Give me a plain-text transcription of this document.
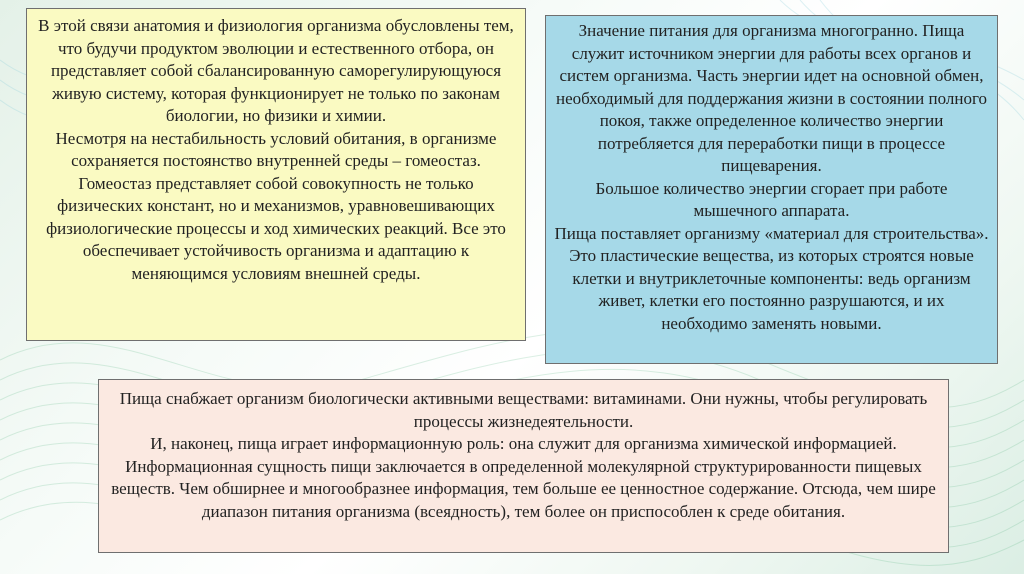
В этой связи анатомия и физиология организма обусловлены тем, что будучи продуктом эволюции и естественного отбора, он представляет собой сбалансированную саморегулирующуюся живую систему, которая функционирует не только по законам биологии, но физики и химии.

Несмотря на нестабильность условий обитания, в организме сохраняется постоянство внутренней среды – гомеостаз. Гомеостаз представляет собой совокупность не только физических констант, но и механизмов, уравновешивающих физиологические процессы и ход химических реакций. Все это обеспечивает устойчивость организма и адаптацию к меняющимся условиям внешней среды.

Значение питания для организма многогранно. Пища служит источником энергии для работы всех органов и систем организма. Часть энергии идет на основной обмен, необходимый для поддержания жизни в состоянии полного покоя, также определенное количество энергии потребляется для переработки пищи в процессе пищеварения.

Большое количество энергии сгорает при работе мышечного аппарата.

Пища поставляет организму «материал для строительства». Это пластические вещества, из которых строятся новые клетки и внутриклеточные компоненты: ведь организм живет, клетки его постоянно разрушаются, и их необходимо заменять новыми.

Пища снабжает организм биологически активными веществами: витаминами. Они нужны, чтобы регулировать процессы жизнедеятельности.

И, наконец, пища играет информационную роль: она служит для организма химической информацией. Информационная сущность пищи заключается в определенной молекулярной структурированности пищевых веществ. Чем обширнее и многообразнее информация, тем больше ее ценностное содержание. Отсюда, чем шире диапазон питания организма (всеядность), тем более он приспособлен к среде обитания.
